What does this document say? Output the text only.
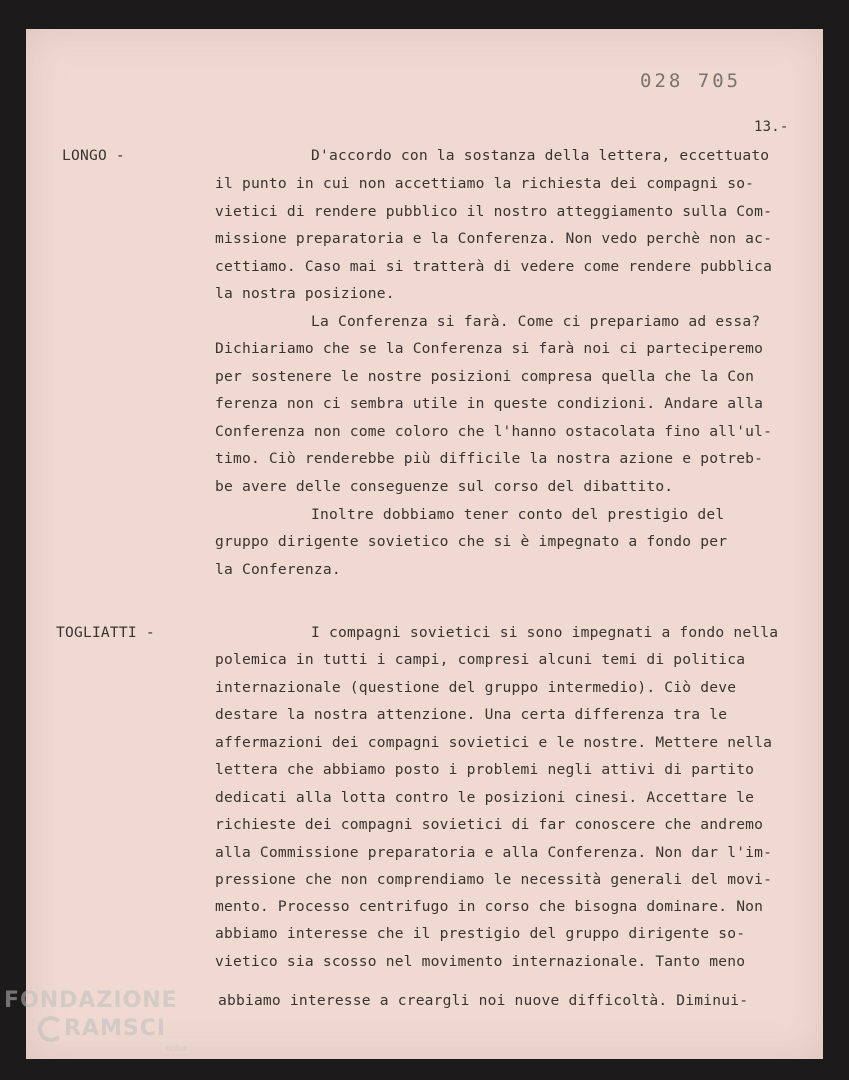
028 705
13.-
LONGO -	D'accordo con la sostanza della lettera, eccettuato
il punto in cui non accettiamo la richiesta dei compagni so-
vietici di rendere pubblico il nostro atteggiamento sulla Com-
missione preparatoria e la Conferenza. Non vedo perchè non ac-
cettiamo. Caso mai si tratterà di vedere come rendere pubblica
la nostra posizione.
La Conferenza si farà. Come ci prepariamo ad essa?
Dichiariamo che se la Conferenza si farà noi ci parteciperemo
per sostenere le nostre posizioni compresa quella che la Con
ferenza non ci sembra utile in queste condizioni. Andare alla
Conferenza non come coloro che l'hanno ostacolata fino all'ul-
timo. Ciò renderebbe più difficile la nostra azione e potreb-
be avere delle conseguenze sul corso del dibattito.
Inoltre dobbiamo tener conto del prestigio del
gruppo dirigente sovietico che si è impegnato a fondo per
la Conferenza.
TOGLIATTI -	I compagni sovietici si sono impegnati a fondo nella
polemica in tutti i campi, compresi alcuni temi di politica
internazionale (questione del gruppo intermedio). Ciò deve
destare la nostra attenzione. Una certa differenza tra le
affermazioni dei compagni sovietici e le nostre. Mettere nella
lettera che abbiamo posto i problemi negli attivi di partito
dedicati alla lotta contro le posizioni cinesi. Accettare le
richieste dei compagni sovietici di far conoscere che andremo
alla Commissione preparatoria e alla Conferenza. Non dar l'im-
pressione che non comprendiamo le necessità generali del movi-
mento. Processo centrifugo in corso che bisogna dominare. Non
abbiamo interesse che il prestigio del gruppo dirigente so-
vietico sia scosso nel movimento internazionale. Tanto meno
abbiamo interesse a creargli noi nuove difficoltà. Diminui-
FONDAZIONE
RAMSCI
onlus
